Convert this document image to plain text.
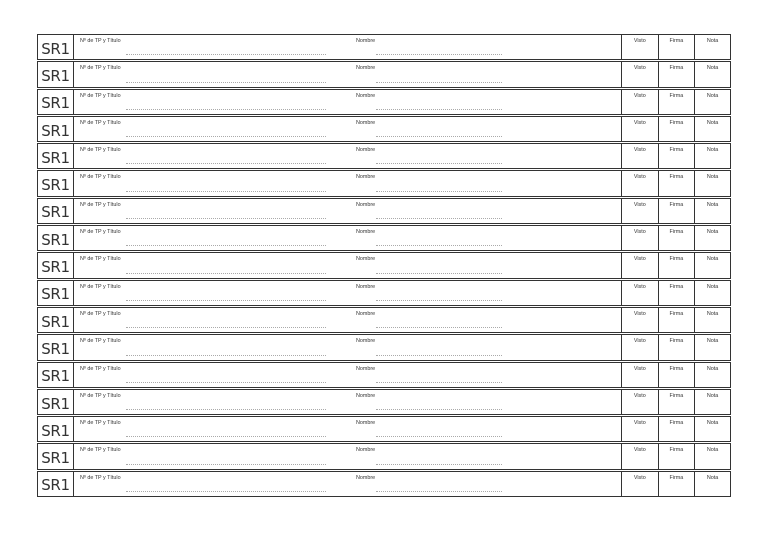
SR1	Nº de TP y Título	Nombre	Visto	Firma	Nota
SR1	Nº de TP y Título	Nombre	Visto	Firma	Nota
SR1	Nº de TP y Título	Nombre	Visto	Firma	Nota
SR1	Nº de TP y Título	Nombre	Visto	Firma	Nota
SR1	Nº de TP y Título	Nombre	Visto	Firma	Nota
SR1	Nº de TP y Título	Nombre	Visto	Firma	Nota
SR1	Nº de TP y Título	Nombre	Visto	Firma	Nota
SR1	Nº de TP y Título	Nombre	Visto	Firma	Nota
SR1	Nº de TP y Título	Nombre	Visto	Firma	Nota
SR1	Nº de TP y Título	Nombre	Visto	Firma	Nota
SR1	Nº de TP y Título	Nombre	Visto	Firma	Nota
SR1	Nº de TP y Título	Nombre	Visto	Firma	Nota
SR1	Nº de TP y Título	Nombre	Visto	Firma	Nota
SR1	Nº de TP y Título	Nombre	Visto	Firma	Nota
SR1	Nº de TP y Título	Nombre	Visto	Firma	Nota
SR1	Nº de TP y Título	Nombre	Visto	Firma	Nota
SR1	Nº de TP y Título	Nombre	Visto	Firma	Nota
